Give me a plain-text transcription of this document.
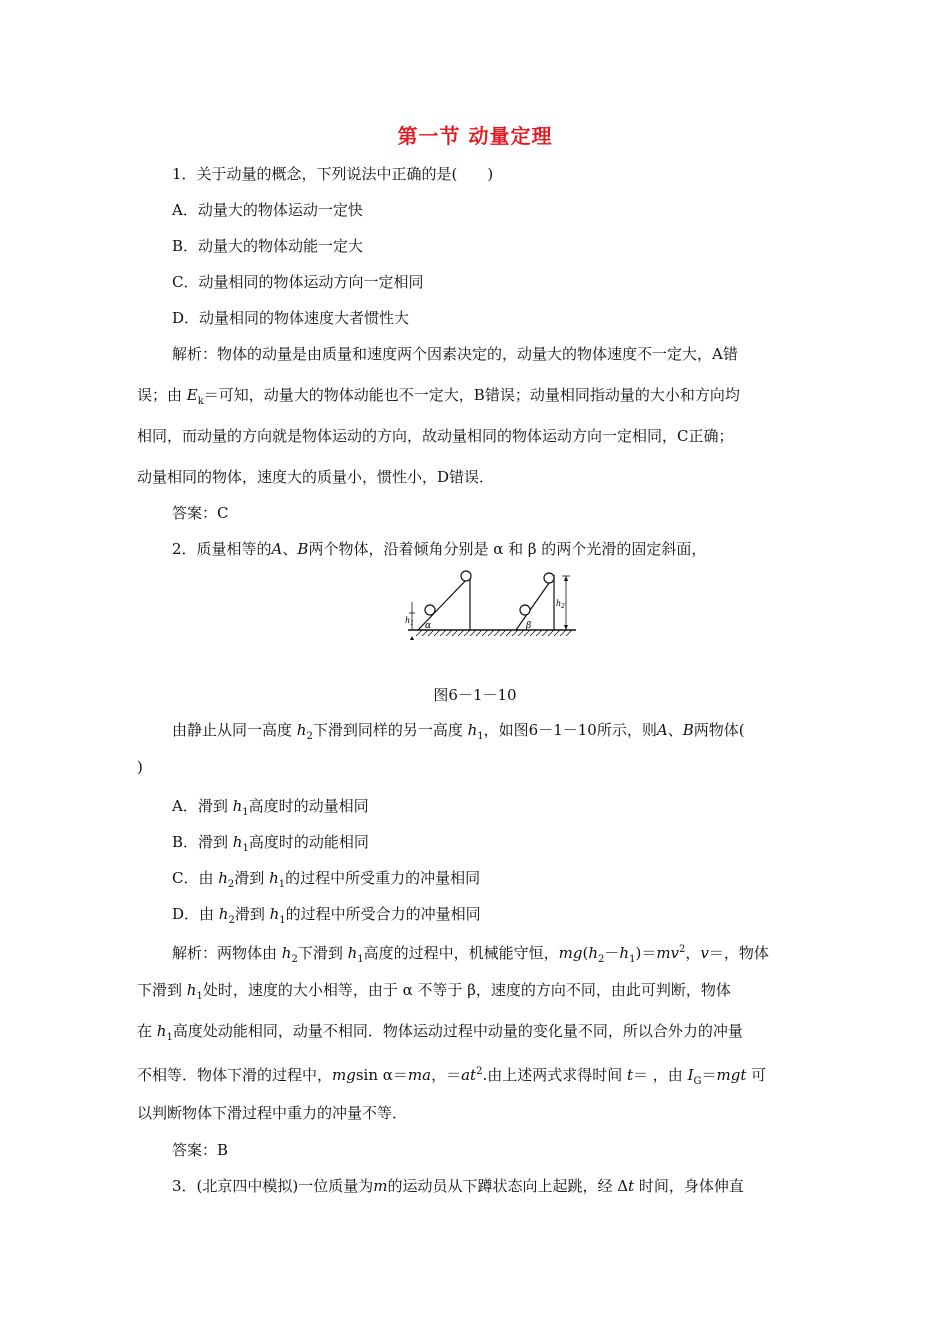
第一节 动量定理
1．关于动量的概念，下列说法中正确的是(　　)
A．动量大的物体运动一定快
B．动量大的物体动能一定大
C．动量相同的物体运动方向一定相同
D．动量相同的物体速度大者惯性大
解析：物体的动量是由质量和速度两个因素决定的，动量大的物体速度不一定大，A错
误；由 $E_k=$可知，动量大的物体动能也不一定大，B错误；动量相同指动量的大小和方向均
相同，而动量的方向就是物体运动的方向，故动量相同的物体运动方向一定相同，C正确；
动量相同的物体，速度大的质量小，惯性小，D错误．
答案：C
2．质量相等的A、B两个物体，沿着倾角分别是 α 和 β 的两个光滑的固定斜面，
α
$h_1$	β
$h_2$
图6－1－10
由静止从同一高度 $h_2$下滑到同样的另一高度 $h_1$，如图6－1－10所示，则A、B两物体(
)
A．滑到 $h_1$高度时的动量相同
B．滑到 $h_1$高度时的动能相同
C．由 $h_2$滑到 $h_1$的过程中所受重力的冲量相同
D．由 $h_2$滑到 $h_1$的过程中所受合力的冲量相同
解析：两物体由 $h_2$下滑到 $h_1$高度的过程中，机械能守恒，$mg(h_2-h_1)=mv^2$，v＝，物体
下滑到 $h_1$处时，速度的大小相等，由于 α 不等于 β，速度的方向不同，由此可判断，物体
在 $h_1$高度处动能相同，动量不相同．物体运动过程中动量的变化量不同，所以合外力的冲量
不相等．物体下滑的过程中，mgsin α＝ma，$=at^2$.由上述两式求得时间 t＝ ，由 $I_G=mgt$ 可
以判断物体下滑过程中重力的冲量不等．
答案：B
3．(北京四中模拟)一位质量为m的运动员从下蹲状态向上起跳，经 Δt 时间，身体伸直
